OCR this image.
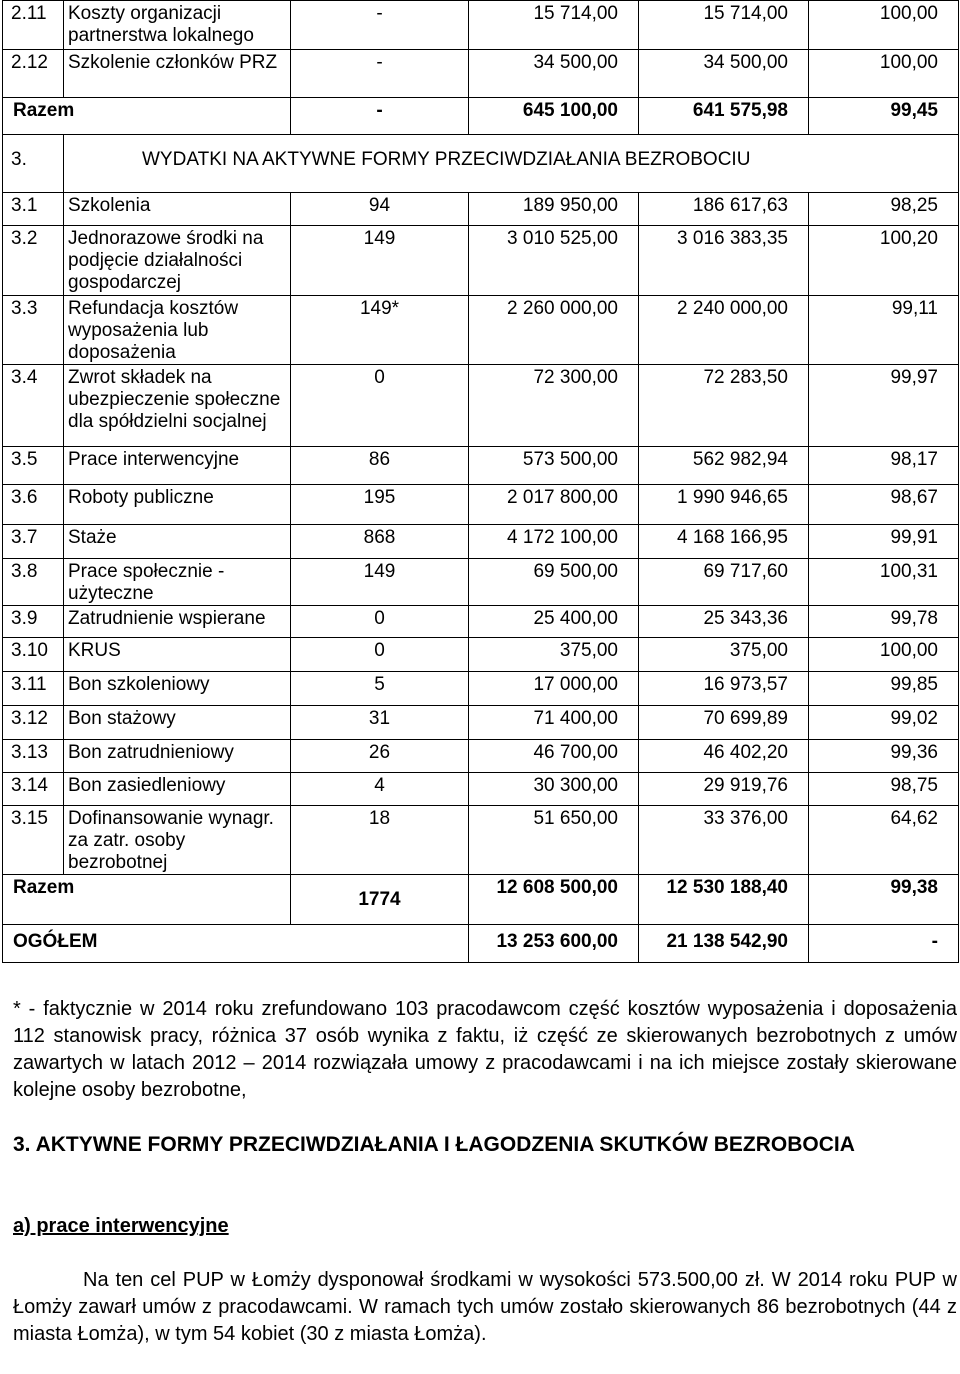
2.11	Koszty organizacji partnerstwa lokalnego	-	15 714,00	15 714,00	100,00
2.12	Szkolenie członków PRZ	-	34 500,00	34 500,00	100,00
Razem		-	645 100,00	641 575,98	99,45
3.	WYDATKI NA AKTYWNE FORMY PRZECIWDZIAŁANIA BEZROBOCIU				
3.1	Szkolenia	94	189 950,00	186 617,63	98,25
3.2	Jednorazowe środki na podjęcie działalności gospodarczej	149	3 010 525,00	3 016 383,35	100,20
3.3	Refundacja kosztów wyposażenia lub doposażenia	149*	2 260 000,00	2 240 000,00	99,11
3.4	Zwrot składek na ubezpieczenie społeczne dla spółdzielni socjalnej	0	72 300,00	72 283,50	99,97
3.5	Prace interwencyjne	86	573 500,00	562 982,94	98,17
3.6	Roboty publiczne	195	2 017 800,00	1 990 946,65	98,67
3.7	Staże	868	4 172 100,00	4 168 166,95	99,91
3.8	Prace społecznie - użyteczne	149	69 500,00	69 717,60	100,31
3.9	Zatrudnienie wspierane	0	25 400,00	25 343,36	99,78
3.10	KRUS	0	375,00	375,00	100,00
3.11	Bon szkoleniowy	5	17 000,00	16 973,57	99,85
3.12	Bon stażowy	31	71 400,00	70 699,89	99,02
3.13	Bon zatrudnieniowy	26	46 700,00	46 402,20	99,36
3.14	Bon zasiedleniowy	4	30 300,00	29 919,76	98,75
3.15	Dofinansowanie wynagr. za zatr. osoby bezrobotnej	18	51 650,00	33 376,00	64,62
Razem		1774	12 608 500,00	12 530 188,40	99,38
OGÓŁEM			13 253 600,00	21 138 542,90	-
* - faktycznie w 2014 roku zrefundowano 103 pracodawcom część kosztów wyposażenia i doposażenia 112 stanowisk pracy, różnica 37 osób wynika z faktu, iż część ze skierowanych bezrobotnych z umów zawartych w latach 2012 – 2014 rozwiązała umowy z pracodawcami i na ich miejsce zostały skierowane kolejne osoby bezrobotne,
3. AKTYWNE FORMY PRZECIWDZIAŁANIA I ŁAGODZENIA SKUTKÓW BEZROBOCIA
a) prace interwencyjne
Na ten cel PUP w Łomży dysponował środkami w wysokości 573.500,00 zł. W 2014 roku PUP w Łomży zawarł umów z pracodawcami. W ramach tych umów zostało skierowanych 86 bezrobotnych (44 z miasta Łomża), w tym 54 kobiet (30 z miasta Łomża).
